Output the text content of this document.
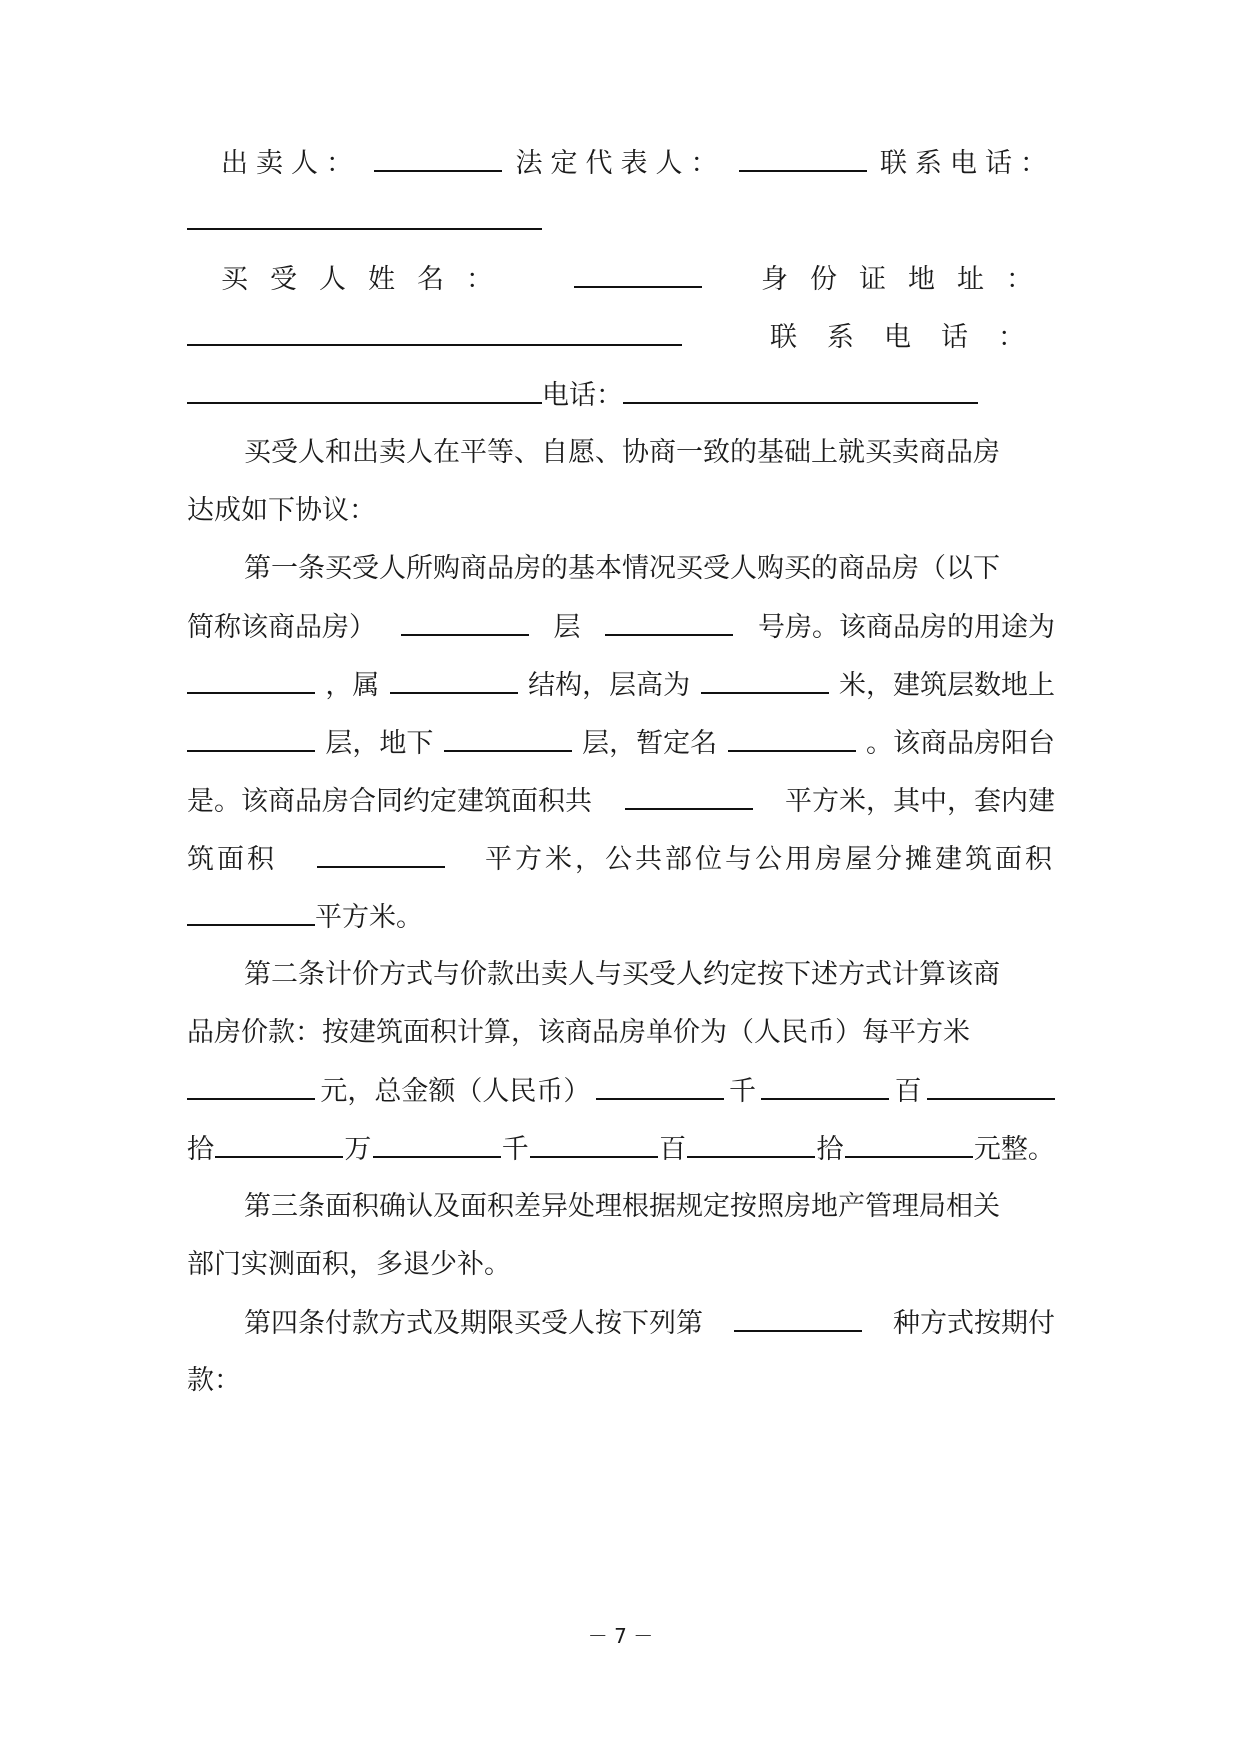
出卖人：	法定代表人：	联系电话：
买受人姓名：	身份证地址：
联系电话：
电话：
买受人和出卖人在平等、自愿、协商一致的基础上就买卖商品房
达成如下协议：
第一条买受人所购商品房的基本情况买受人购买的商品房（以下
简称该商品房）	层	号房。该商品房的用途为
，属	结构，层高为	米，建筑层数地上
层，地下	层，暂定名	。该商品房阳台
是。该商品房合同约定建筑面积共	平方米，其中，套内建
筑面积	平方米，公共部位与公用房屋分摊建筑面积
平方米。
第二条计价方式与价款出卖人与买受人约定按下述方式计算该商
品房价款：按建筑面积计算，该商品房单价为（人民币）每平方米
元，总金额（人民币）	千	百
拾	万	千	百	拾	元整。
第三条面积确认及面积差异处理根据规定按照房地产管理局相关
部门实测面积，多退少补。
第四条付款方式及期限买受人按下列第	种方式按期付
款：
－ 7 －
